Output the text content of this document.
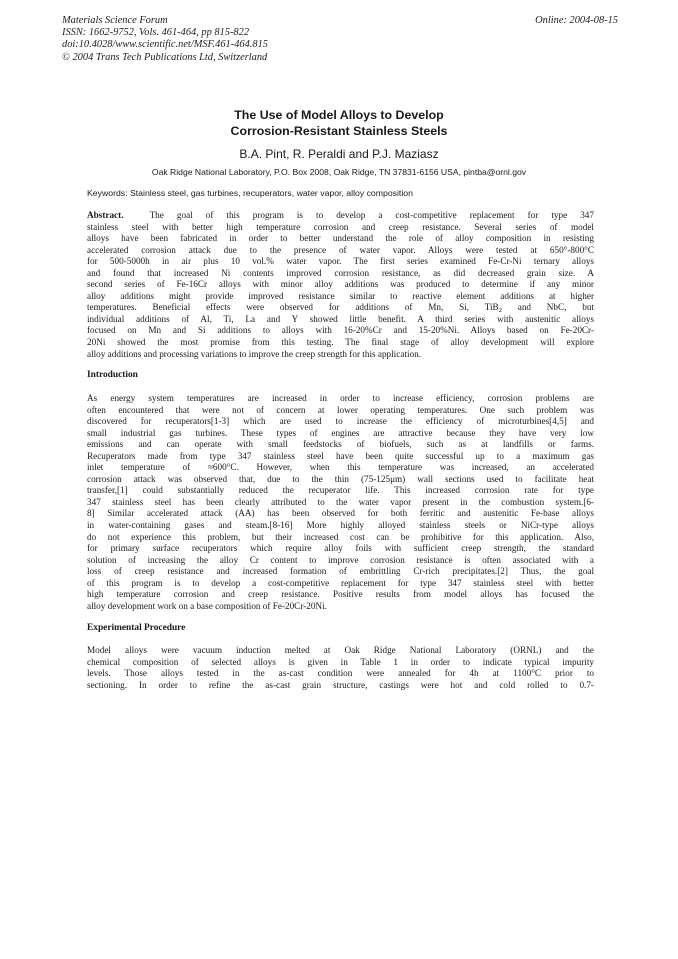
Materials Science Forum
ISSN: 1662-9752, Vols. 461-464, pp 815-822
doi:10.4028/www.scientific.net/MSF.461-464.815
© 2004 Trans Tech Publications Ltd, Switzerland
Online: 2004-08-15
The Use of Model Alloys to Develop
Corrosion-Resistant Stainless Steels
B.A. Pint, R. Peraldi and P.J. Maziasz
Oak Ridge National Laboratory, P.O. Box 2008, Oak Ridge, TN 37831-6156 USA, pintba@ornl.gov
Keywords: Stainless steel, gas turbines, recuperators, water vapor, alloy composition
Abstract.	The goal of this program is to develop a cost-competitive replacement for type 347
stainless steel with better high temperature corrosion and creep resistance. Several series of model
alloys have been fabricated in order to better understand the role of alloy composition in resisting
accelerated corrosion attack due to the presence of water vapor. Alloys were tested at 650°-800°C
for 500-5000h in air plus 10 vol.% water vapor. The first series examined Fe-Cr-Ni ternary alloys
and found that increased Ni contents improved corrosion resistance, as did decreased grain size. A
second series of Fe-16Cr alloys with minor alloy additions was produced to determine if any minor
alloy additions might provide improved resistance similar to reactive element additions at higher
temperatures. Beneficial effects were observed for additions of Mn, Si, TiB$_2$ and NbC, but
individual additions of Al, Ti, La and Y showed little benefit. A third series with austenitic alloys
focused on Mn and Si additions to alloys with 16-20%Cr and 15-20%Ni. Alloys based on Fe-20Cr-
20Ni showed the most promise from this testing. The final stage of alloy development will explore
alloy additions and processing variations to improve the creep strength for this application.
Introduction
As energy system temperatures are increased in order to increase efficiency, corrosion problems are
often encountered that were not of concern at lower operating temperatures. One such problem was
discovered for recuperators[1-3] which are used to increase the efficiency of microturbines[4,5] and
small industrial gas turbines. These types of engines are attractive because they have very low
emissions and can operate with small feedstocks of biofuels, such as at landfills or farms.
Recuperators made from type 347 stainless steel have been quite successful up to a maximum gas
inlet temperature of ≈600°C. However, when this temperature was increased, an accelerated
corrosion attack was observed that, due to the thin (75-125μm) wall sections used to facilitate heat
transfer,[1] could substantially reduced the recuperator life. This increased corrosion rate for type
347 stainless steel has been clearly attributed to the water vapor present in the combustion system.[6-
8] Similar accelerated attack (AA) has been observed for both ferritic and austenitic Fe-base alloys
in water-containing gases and steam.[8-16] More highly alloyed stainless steels or NiCr-type alloys
do not experience this problem, but their increased cost can be prohibitive for this application. Also,
for primary surface recuperators which require alloy foils with sufficient creep strength, the standard
solution of increasing the alloy Cr content to improve corrosion resistance is often associated with a
loss of creep resistance and increased formation of embrittling Cr-rich precipitates.[2] Thus, the goal
of this program is to develop a cost-competitive replacement for type 347 stainless steel with better
high temperature corrosion and creep resistance. Positive results from model alloys has focused the
alloy development work on a base composition of Fe-20Cr-20Ni.
Experimental Procedure
Model alloys were vacuum induction melted at Oak Ridge National Laboratory (ORNL) and the
chemical composition of selected alloys is given in Table 1 in order to indicate typical impurity
levels. Those alloys tested in the as-cast condition were annealed for 4h at 1100°C prior to
sectioning. In order to refine the as-cast grain structure, castings were hot and cold rolled to 0.7-
